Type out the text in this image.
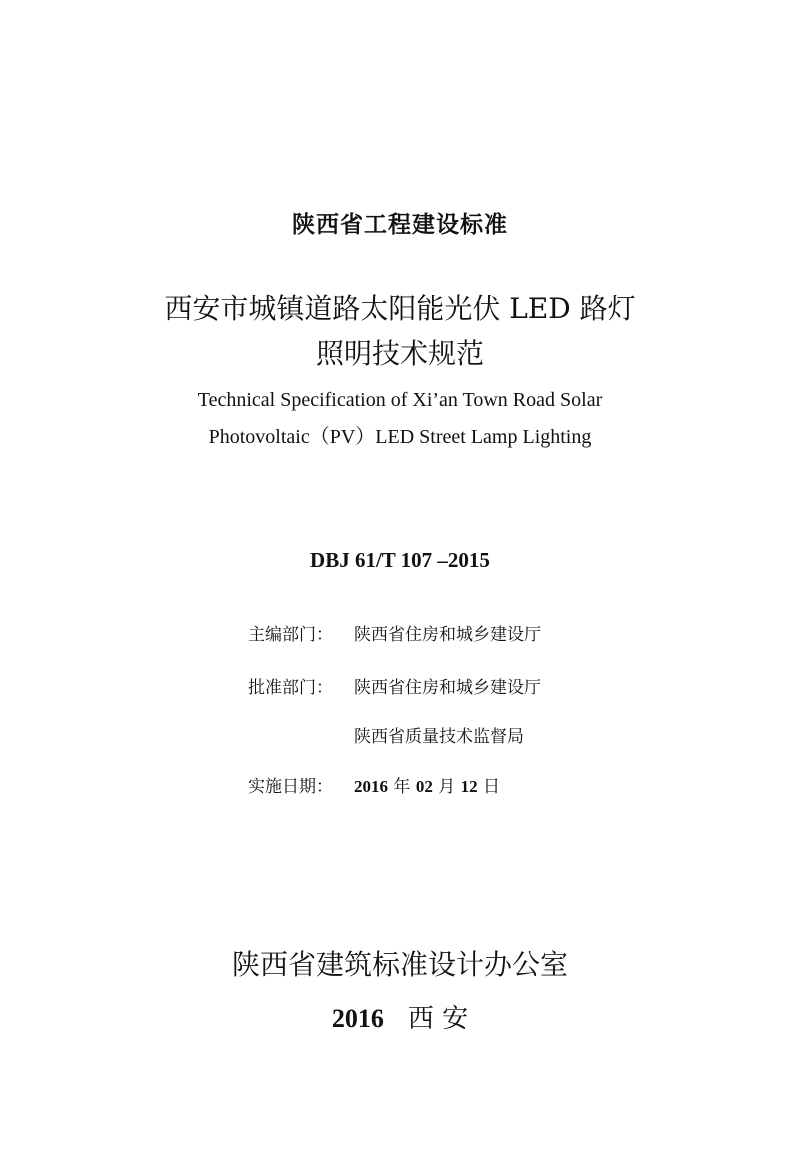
陕西省工程建设标准
西安市城镇道路太阳能光伏 LED 路灯
照明技术规范
Technical Specification of Xi’an Town Road Solar
Photovoltaic（PV）LED Street Lamp Lighting
DBJ 61/T 107 –2015
主编部门： 陕西省住房和城乡建设厅
批准部门： 陕西省住房和城乡建设厅
陕西省质量技术监督局
实施日期： 2016 年 02 月 12 日
陕西省建筑标准设计办公室
2016 西 安
